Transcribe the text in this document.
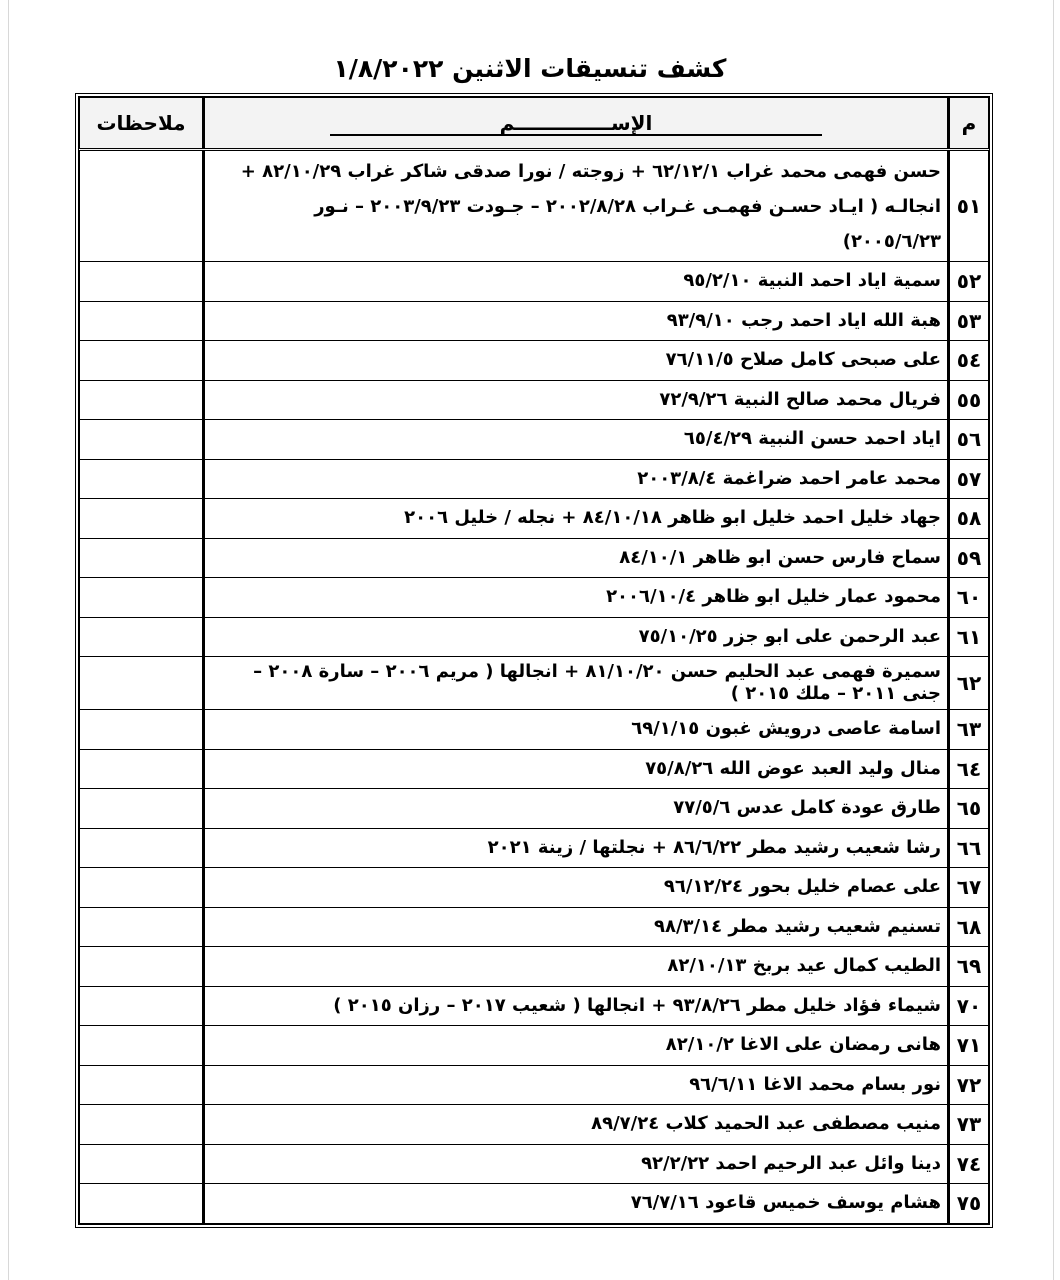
كشف تنسيقات الاثنين ١/٨/٢٠٢٢
م	الإســــــــــــــم	ملاحظات
٥١	حسن فهمى محمد غراب ٦٢/١٢/١ + زوجته / نورا صدقى شاكر غراب ٨٢/١٠/٢٩ + انجالـه ( ايـاد حسـن فهمـى غـراب ٢٠٠٢/٨/٢٨ – جـودت ٢٠٠٣/٩/٢٣ – نـور ٢٠٠٥/٦/٢٣)	
٥٢	سمية اياد احمد النبية ٩٥/٢/١٠	
٥٣	هبة الله اياد احمد رجب ٩٣/٩/١٠	
٥٤	على صبحى كامل صلاح ٧٦/١١/٥	
٥٥	فريال محمد صالح النبية ٧٢/٩/٢٦	
٥٦	اياد احمد حسن النبية ٦٥/٤/٢٩	
٥٧	محمد عامر احمد ضراغمة ٢٠٠٣/٨/٤	
٥٨	جهاد خليل احمد خليل ابو ظاهر ٨٤/١٠/١٨ + نجله / خليل ٢٠٠٦	
٥٩	سماح فارس حسن ابو ظاهر ٨٤/١٠/١	
٦٠	محمود عمار خليل ابو ظاهر ٢٠٠٦/١٠/٤	
٦١	عبد الرحمن على ابو جزر ٧٥/١٠/٢٥	
٦٢	سميرة فهمى عبد الحليم حسن ٨١/١٠/٢٠ + انجالها ( مريم ٢٠٠٦ – سارة ٢٠٠٨ – جنى ٢٠١١ – ملك ٢٠١٥ )	
٦٣	اسامة عاصى درويش غبون ٦٩/١/١٥	
٦٤	منال وليد العبد عوض الله ٧٥/٨/٢٦	
٦٥	طارق عودة كامل عدس ٧٧/٥/٦	
٦٦	رشا شعيب رشيد مطر ٨٦/٦/٢٢ + نجلتها / زينة ٢٠٢١	
٦٧	على عصام خليل بحور ٩٦/١٢/٢٤	
٦٨	تسنيم شعيب رشيد مطر ٩٨/٣/١٤	
٦٩	الطيب كمال عيد بربخ ٨٢/١٠/١٣	
٧٠	شيماء فؤاد خليل مطر ٩٣/٨/٢٦ + انجالها ( شعيب ٢٠١٧ – رزان ٢٠١٥ )	
٧١	هانى رمضان على الاغا ٨٢/١٠/٢	
٧٢	نور بسام محمد الاغا ٩٦/٦/١١	
٧٣	منيب مصطفى عبد الحميد كلاب ٨٩/٧/٢٤	
٧٤	دينا وائل عبد الرحيم احمد ٩٢/٢/٢٢	
٧٥	هشام يوسف خميس قاعود ٧٦/٧/١٦	
